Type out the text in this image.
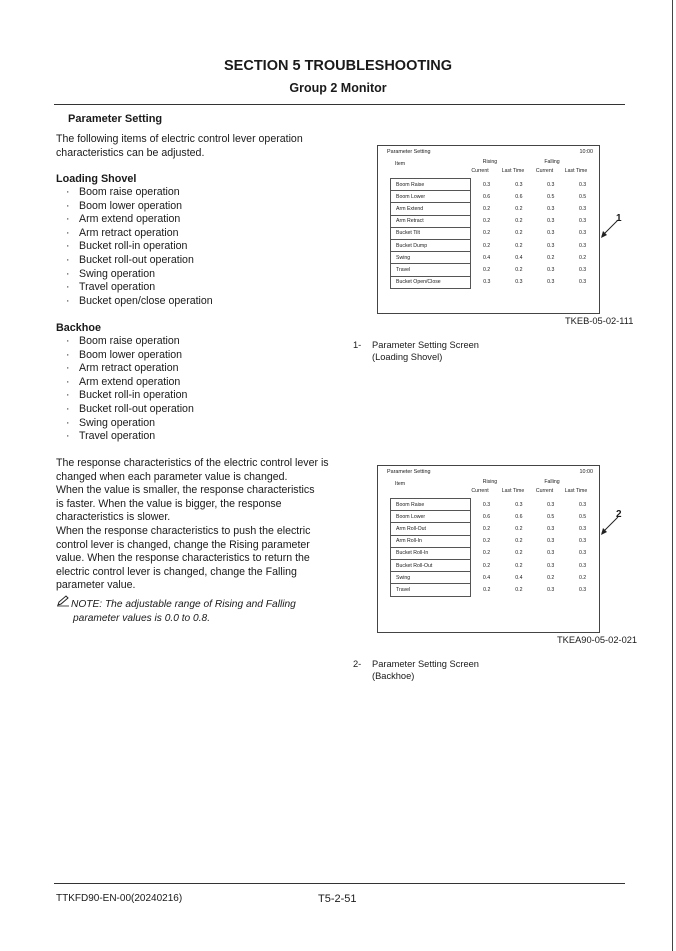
SECTION 5 TROUBLESHOOTING
Group 2 Monitor
Parameter Setting
The following items of electric control lever operation
characteristics can be adjusted.
Loading Shovel
· Boom raise operation
· Boom lower operation
· Arm extend operation
· Arm retract operation
· Bucket roll-in operation
· Bucket roll-out operation
· Swing operation
· Travel operation
· Bucket open/close operation
Backhoe
· Boom raise operation
· Boom lower operation
· Arm retract operation
· Arm extend operation
· Bucket roll-in operation
· Bucket roll-out operation
· Swing operation
· Travel operation
The response characteristics of the electric control lever is
changed when each parameter value is changed.
When the value is smaller, the response characteristics
is faster. When the value is bigger, the response
characteristics is slower.
When the response characteristics to push the electric
control lever is changed, change the Rising parameter
value. When the response characteristics to return the
electric control lever is changed, change the Falling
parameter value.
NOTE: The adjustable range of Rising and Falling
parameter values is 0.0 to 0.8.
Parameter Setting	10:00
Item	Rising	Falling
Current	Last Time	Current	Last Time
Boom Raise	0.3	0.3	0.3	0.3
Boom Lower	0.6	0.6	0.5	0.5
Arm Extend	0.2	0.2	0.3	0.3
Arm Retract	0.2	0.2	0.3	0.3
Bucket Tilt	0.2	0.2	0.3	0.3
Bucket Dump	0.2	0.2	0.3	0.3
Swing	0.4	0.4	0.2	0.2
Travel	0.2	0.2	0.3	0.3
Bucket Open/Close	0.3	0.3	0.3	0.3
1
TKEB-05-02-111
1- Parameter Setting Screen
(Loading Shovel)
Parameter Setting	10:00
Item	Rising	Falling
Current	Last Time	Current	Last Time
Boom Raise	0.3	0.3	0.3	0.3
Boom Lower	0.6	0.6	0.5	0.5
Arm Roll-Out	0.2	0.2	0.3	0.3
Arm Roll-In	0.2	0.2	0.3	0.3
Bucket Roll-In	0.2	0.2	0.3	0.3
Bucket Roll-Out	0.2	0.2	0.3	0.3
Swing	0.4	0.4	0.2	0.2
Travel	0.2	0.2	0.3	0.3
2
TKEA90-05-02-021
2- Parameter Setting Screen
(Backhoe)
TTKFD90-EN-00(20240216)	T5-2-51
